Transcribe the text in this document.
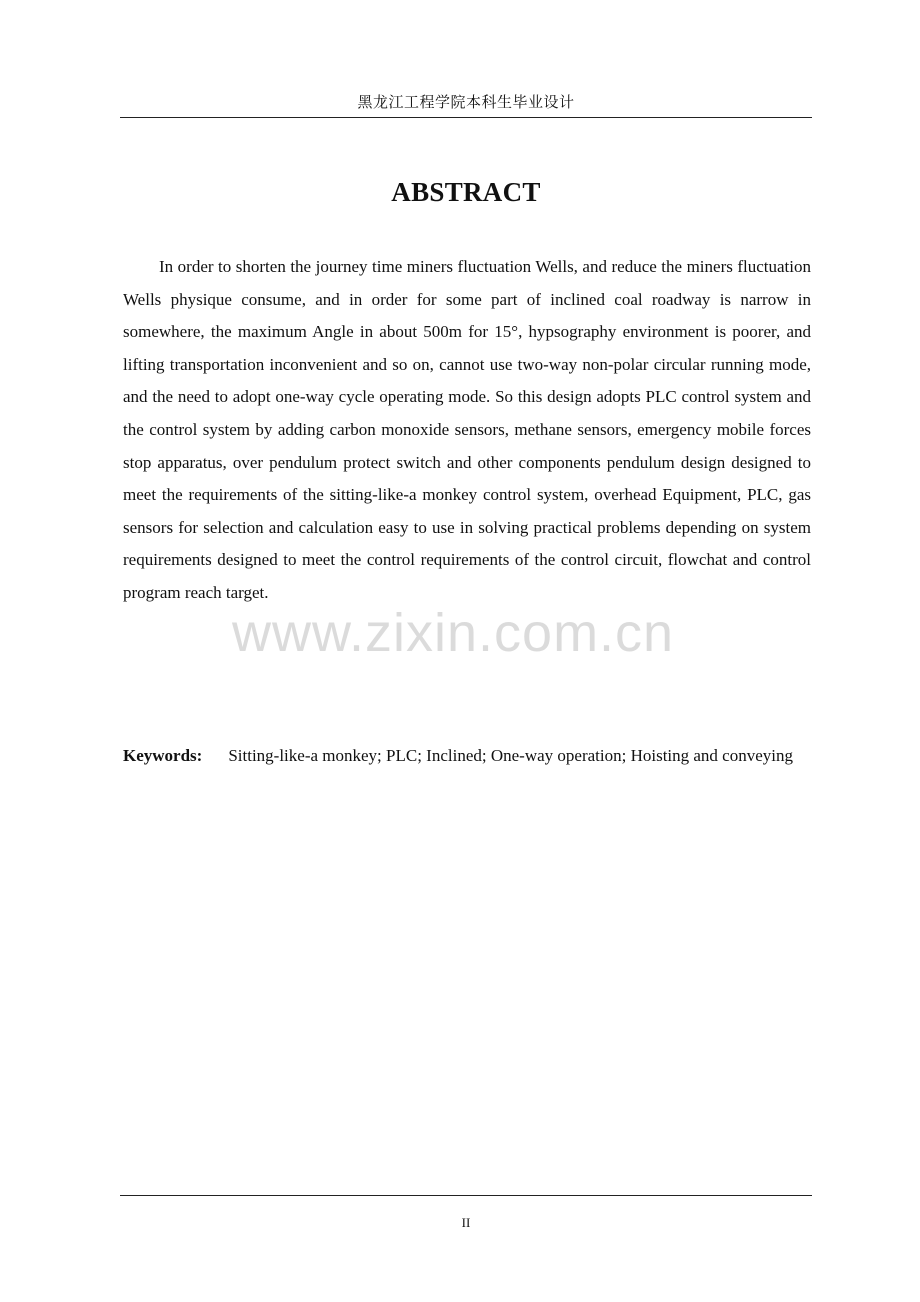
黑龙江工程学院本科生毕业设计
ABSTRACT

In order to shorten the journey time miners fluctuation Wells, and reduce the miners fluctuation Wells physique consume, and in order for some part of inclined coal roadway is narrow in somewhere, the maximum Angle in about 500m for 15°, hypsography environment is poorer, and lifting transportation inconvenient and so on, cannot use two-way non-polar circular running mode, and the need to adopt one-way cycle operating mode. So this design adopts PLC control system and the control system by adding carbon monoxide sensors, methane sensors, emergency mobile forces stop apparatus, over pendulum protect switch and other components pendulum design designed to meet the requirements of the sitting-like-a monkey control system, overhead Equipment, PLC, gas sensors for selection and calculation easy to use in solving practical problems depending on system requirements designed to meet the control requirements of the control circuit, flowchat and control program reach target.

Keywords: Sitting-like-a monkey; PLC; Inclined; One-way operation; Hoisting and conveying

www.zixin.com.cn
II
